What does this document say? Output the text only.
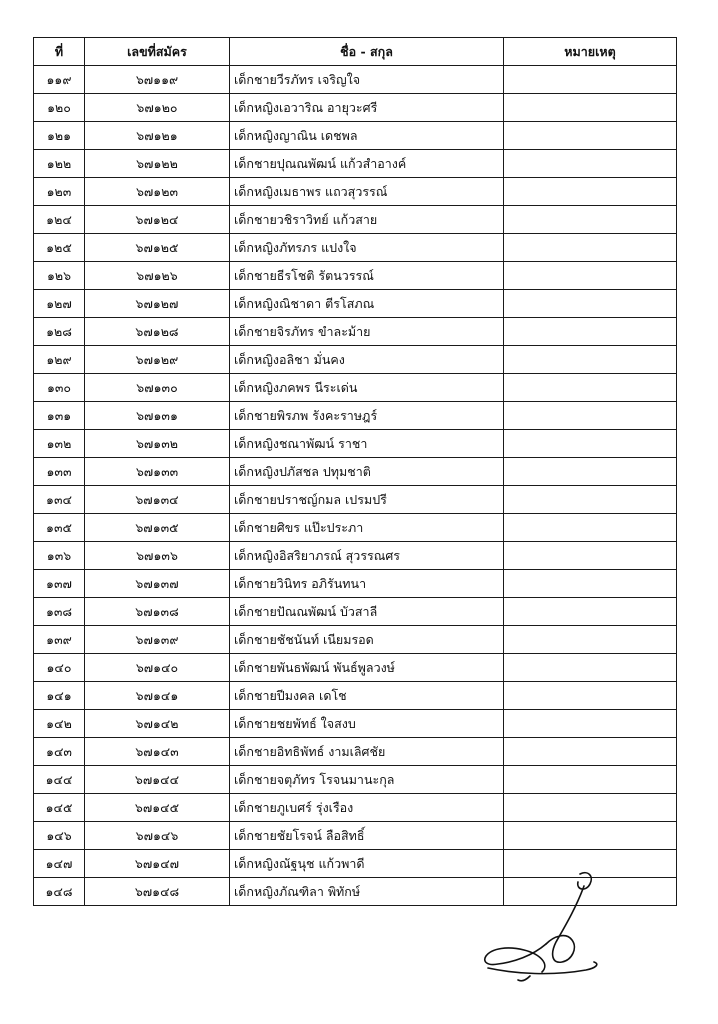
ที่	เลขที่สมัคร	ชื่อ - สกุล	หมายเหตุ
๑๑๙	๖๗๑๑๙	เด็กชายวีรภัทร เจริญใจ	
๑๒๐	๖๗๑๒๐	เด็กหญิงเอวาริณ อายุวะศรี	
๑๒๑	๖๗๑๒๑	เด็กหญิงญาณิน เดชพล	
๑๒๒	๖๗๑๒๒	เด็กชายปุณณพัฒน์ แก้วสำอางค์	
๑๒๓	๖๗๑๒๓	เด็กหญิงเมธาพร แถวสุวรรณ์	
๑๒๔	๖๗๑๒๔	เด็กชายวชิราวิทย์ แก้วสาย	
๑๒๕	๖๗๑๒๕	เด็กหญิงภัทรภร แปงใจ	
๑๒๖	๖๗๑๒๖	เด็กชายธีรโชติ รัตนวรรณ์	
๑๒๗	๖๗๑๒๗	เด็กหญิงณิชาดา ตีรโสภณ	
๑๒๘	๖๗๑๒๘	เด็กชายจิรภัทร ขำละม้าย	
๑๒๙	๖๗๑๒๙	เด็กหญิงอลิชา มั่นคง	
๑๓๐	๖๗๑๓๐	เด็กหญิงภคพร นีระเด่น	
๑๓๑	๖๗๑๓๑	เด็กชายพิรภพ รังคะราษฎร์	
๑๓๒	๖๗๑๓๒	เด็กหญิงชณาพัฒน์ ราชา	
๑๓๓	๖๗๑๓๓	เด็กหญิงปภัสชล ปทุมชาติ	
๑๓๔	๖๗๑๓๔	เด็กชายปราชญ์กมล เปรมปรี	
๑๓๕	๖๗๑๓๕	เด็กชายศิขร แป๊ะประภา	
๑๓๖	๖๗๑๓๖	เด็กหญิงอิสริยาภรณ์ สุวรรณศร	
๑๓๗	๖๗๑๓๗	เด็กชายวินิทร อภิรันทนา	
๑๓๘	๖๗๑๓๘	เด็กชายปัณณพัฒน์ บัวสาลี	
๑๓๙	๖๗๑๓๙	เด็กชายชัชนันท์ เนียมรอด	
๑๔๐	๖๗๑๔๐	เด็กชายพันธพัฒน์ พันธ์พูลวงษ์	
๑๔๑	๖๗๑๔๑	เด็กชายปีมงคล เดโช	
๑๔๒	๖๗๑๔๒	เด็กชายชยพัทธ์ ใจสงบ	
๑๔๓	๖๗๑๔๓	เด็กชายอิทธิพัทธ์ งามเลิศชัย	
๑๔๔	๖๗๑๔๔	เด็กชายจตุภัทร โรจนมานะกุล	
๑๔๕	๖๗๑๔๕	เด็กชายภูเบศร์ รุ่งเรือง	
๑๔๖	๖๗๑๔๖	เด็กชายชัยโรจน์ ลือสิทธิ์	
๑๔๗	๖๗๑๔๗	เด็กหญิงณัฐนุช แก้วพาดี	
๑๔๘	๖๗๑๔๘	เด็กหญิงภัณฑิลา พิทักษ์	
